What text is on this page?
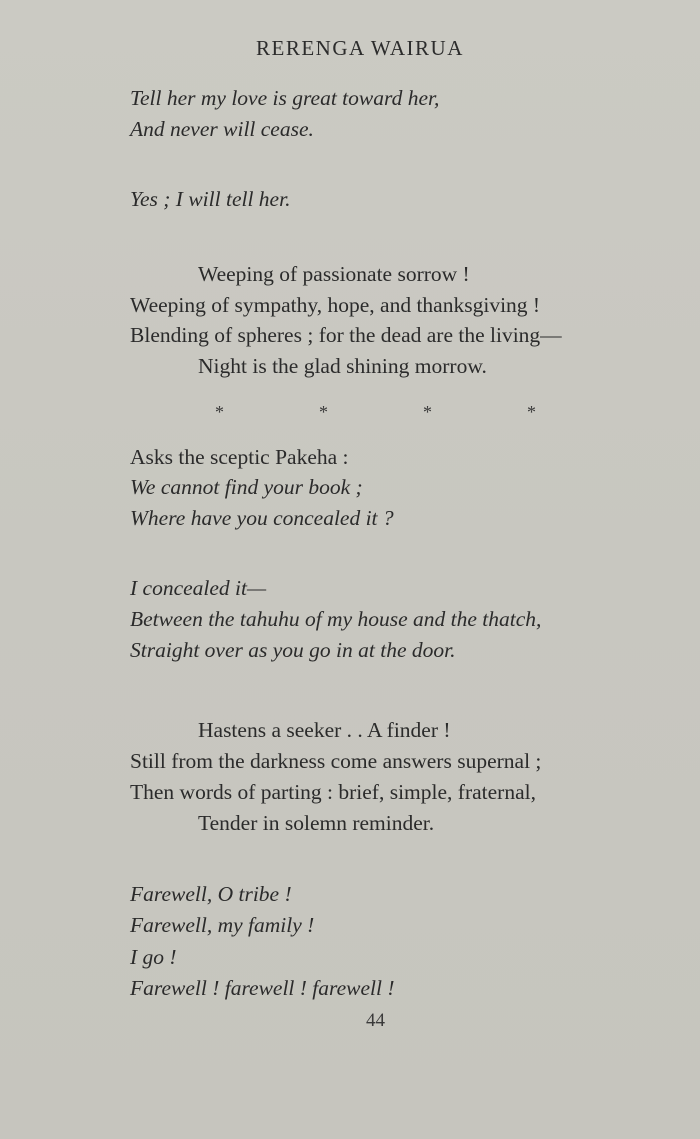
RERENGA WAIRUA
Tell her my love is great toward her,
And never will cease.
Yes ; I will tell her.
Weeping of passionate sorrow !
Weeping of sympathy, hope, and thanksgiving !
Blending of spheres ; for the dead are the living—
Night is the glad shining morrow.
*	*	*	*
Asks the sceptic Pakeha :
We cannot find your book ;
Where have you concealed it ?
I concealed it—
Between the tahuhu of my house and the thatch,
Straight over as you go in at the door.
Hastens a seeker . . A finder !
Still from the darkness come answers supernal ;
Then words of parting : brief, simple, fraternal,
Tender in solemn reminder.
Farewell, O tribe !
Farewell, my family !
I go !
Farewell ! farewell ! farewell !
44
